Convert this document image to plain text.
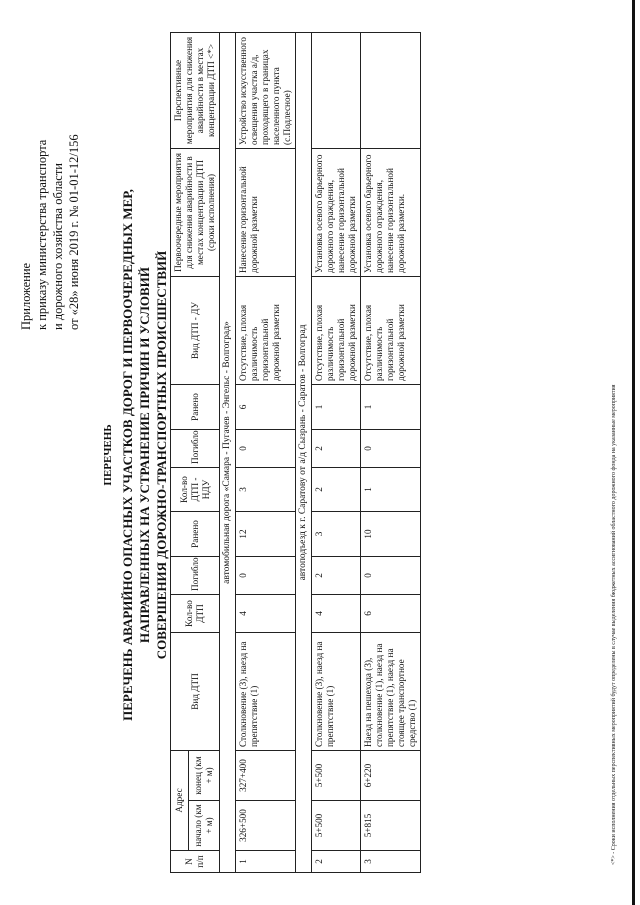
Приложение к приказу министерства транспорта и дорожного хозяйства области от «28» июня 2019 г. № 01-01-12/156
ПЕРЕЧЕНЬ ПЕРЕЧЕНЬ АВАРИЙНО ОПАСНЫХ УЧАСТКОВ ДОРОГ И ПЕРВООЧЕРЕДНЫХ МЕР, НАПРАВЛЕННЫХ НА УСТРАНЕНИЕ ПРИЧИН И УСЛОВИЙ СОВЕРШЕНИЯ ДОРОЖНО-ТРАНСПОРТНЫХ ПРОИСШЕСТВИЙ
N п/п	Адрес		Вид ДТП	Кол-во ДТП	Погибло	Ранено	Кол-во ДТП - НДУ	Погибло	Ранено	Вид ДТП - ДУ	Первоочередные мероприятия для снижения аварийности в местах концентрации ДТП (сроки исполнения)	Перспективные мероприятия для снижения аварийности в местах концентрации ДТП <*>
	начало (км + м)	конец (км + м)										
автомобильная дорога «Самара - Пугачев - Энгельс - Волгоград»												
1	326+500	327+400	Столкновение (3), наезд на препятствие (1)	4	0	12	3	0	6	Отсутствие, плохая различимость горизонтальной дорожной разметки	Нанесение горизонтальной дорожной разметки	Устройство искусственного освещения участка а/д, проходящего в границах населенного пункта (с.Подлесное)
автоподъезд к г. Саратову от а/д Сызрань - Саратов - Волгоград												
2	5+500	5+500	Столкновение (3), наезд на препятствие (1)	4	2	3	2	2	1	Отсутствие, плохая различимость горизонтальной дорожной разметки	Установка осевого барьерного дорожного ограждения, нанесение горизонтальной дорожной разметки	
3	5+815	6+220	Наезд на пешехода (3), столкновение (1), наезд на препятствие (1), наезд на стоящее транспортное средство (1)	6	0	10	1	0	1	Отсутствие, плохая различимость горизонтальной дорожной разметки	Установка осевого барьерного дорожного ограждения, нанесение горизонтальной дорожной разметки.	
<*> - Сроки исполнения отдельных перспективных мероприятий будут определены в случае выделения бюджетных ассигнований областного дорожного фонда на указанные мероприятия
